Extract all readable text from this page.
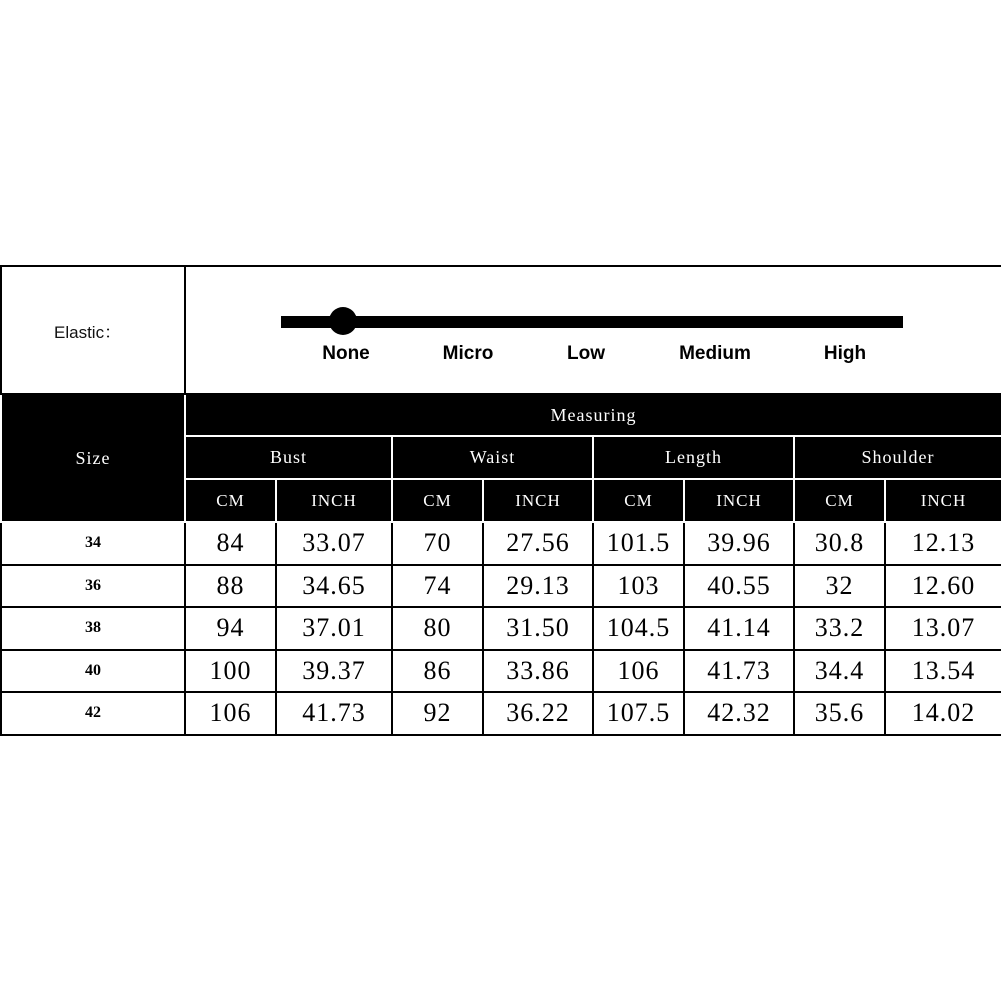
Elastic：	None Micro Low Medium High							

Size	Measuring							
	Bust		Waist		Length		Shoulder	
	CM	INCH	CM	INCH	CM	INCH	CM	INCH
34	84	33.07	70	27.56	101.5	39.96	30.8	12.13
36	88	34.65	74	29.13	103	40.55	32	12.60
38	94	37.01	80	31.50	104.5	41.14	33.2	13.07
40	100	39.37	86	33.86	106	41.73	34.4	13.54
42	106	41.73	92	36.22	107.5	42.32	35.6	14.02
